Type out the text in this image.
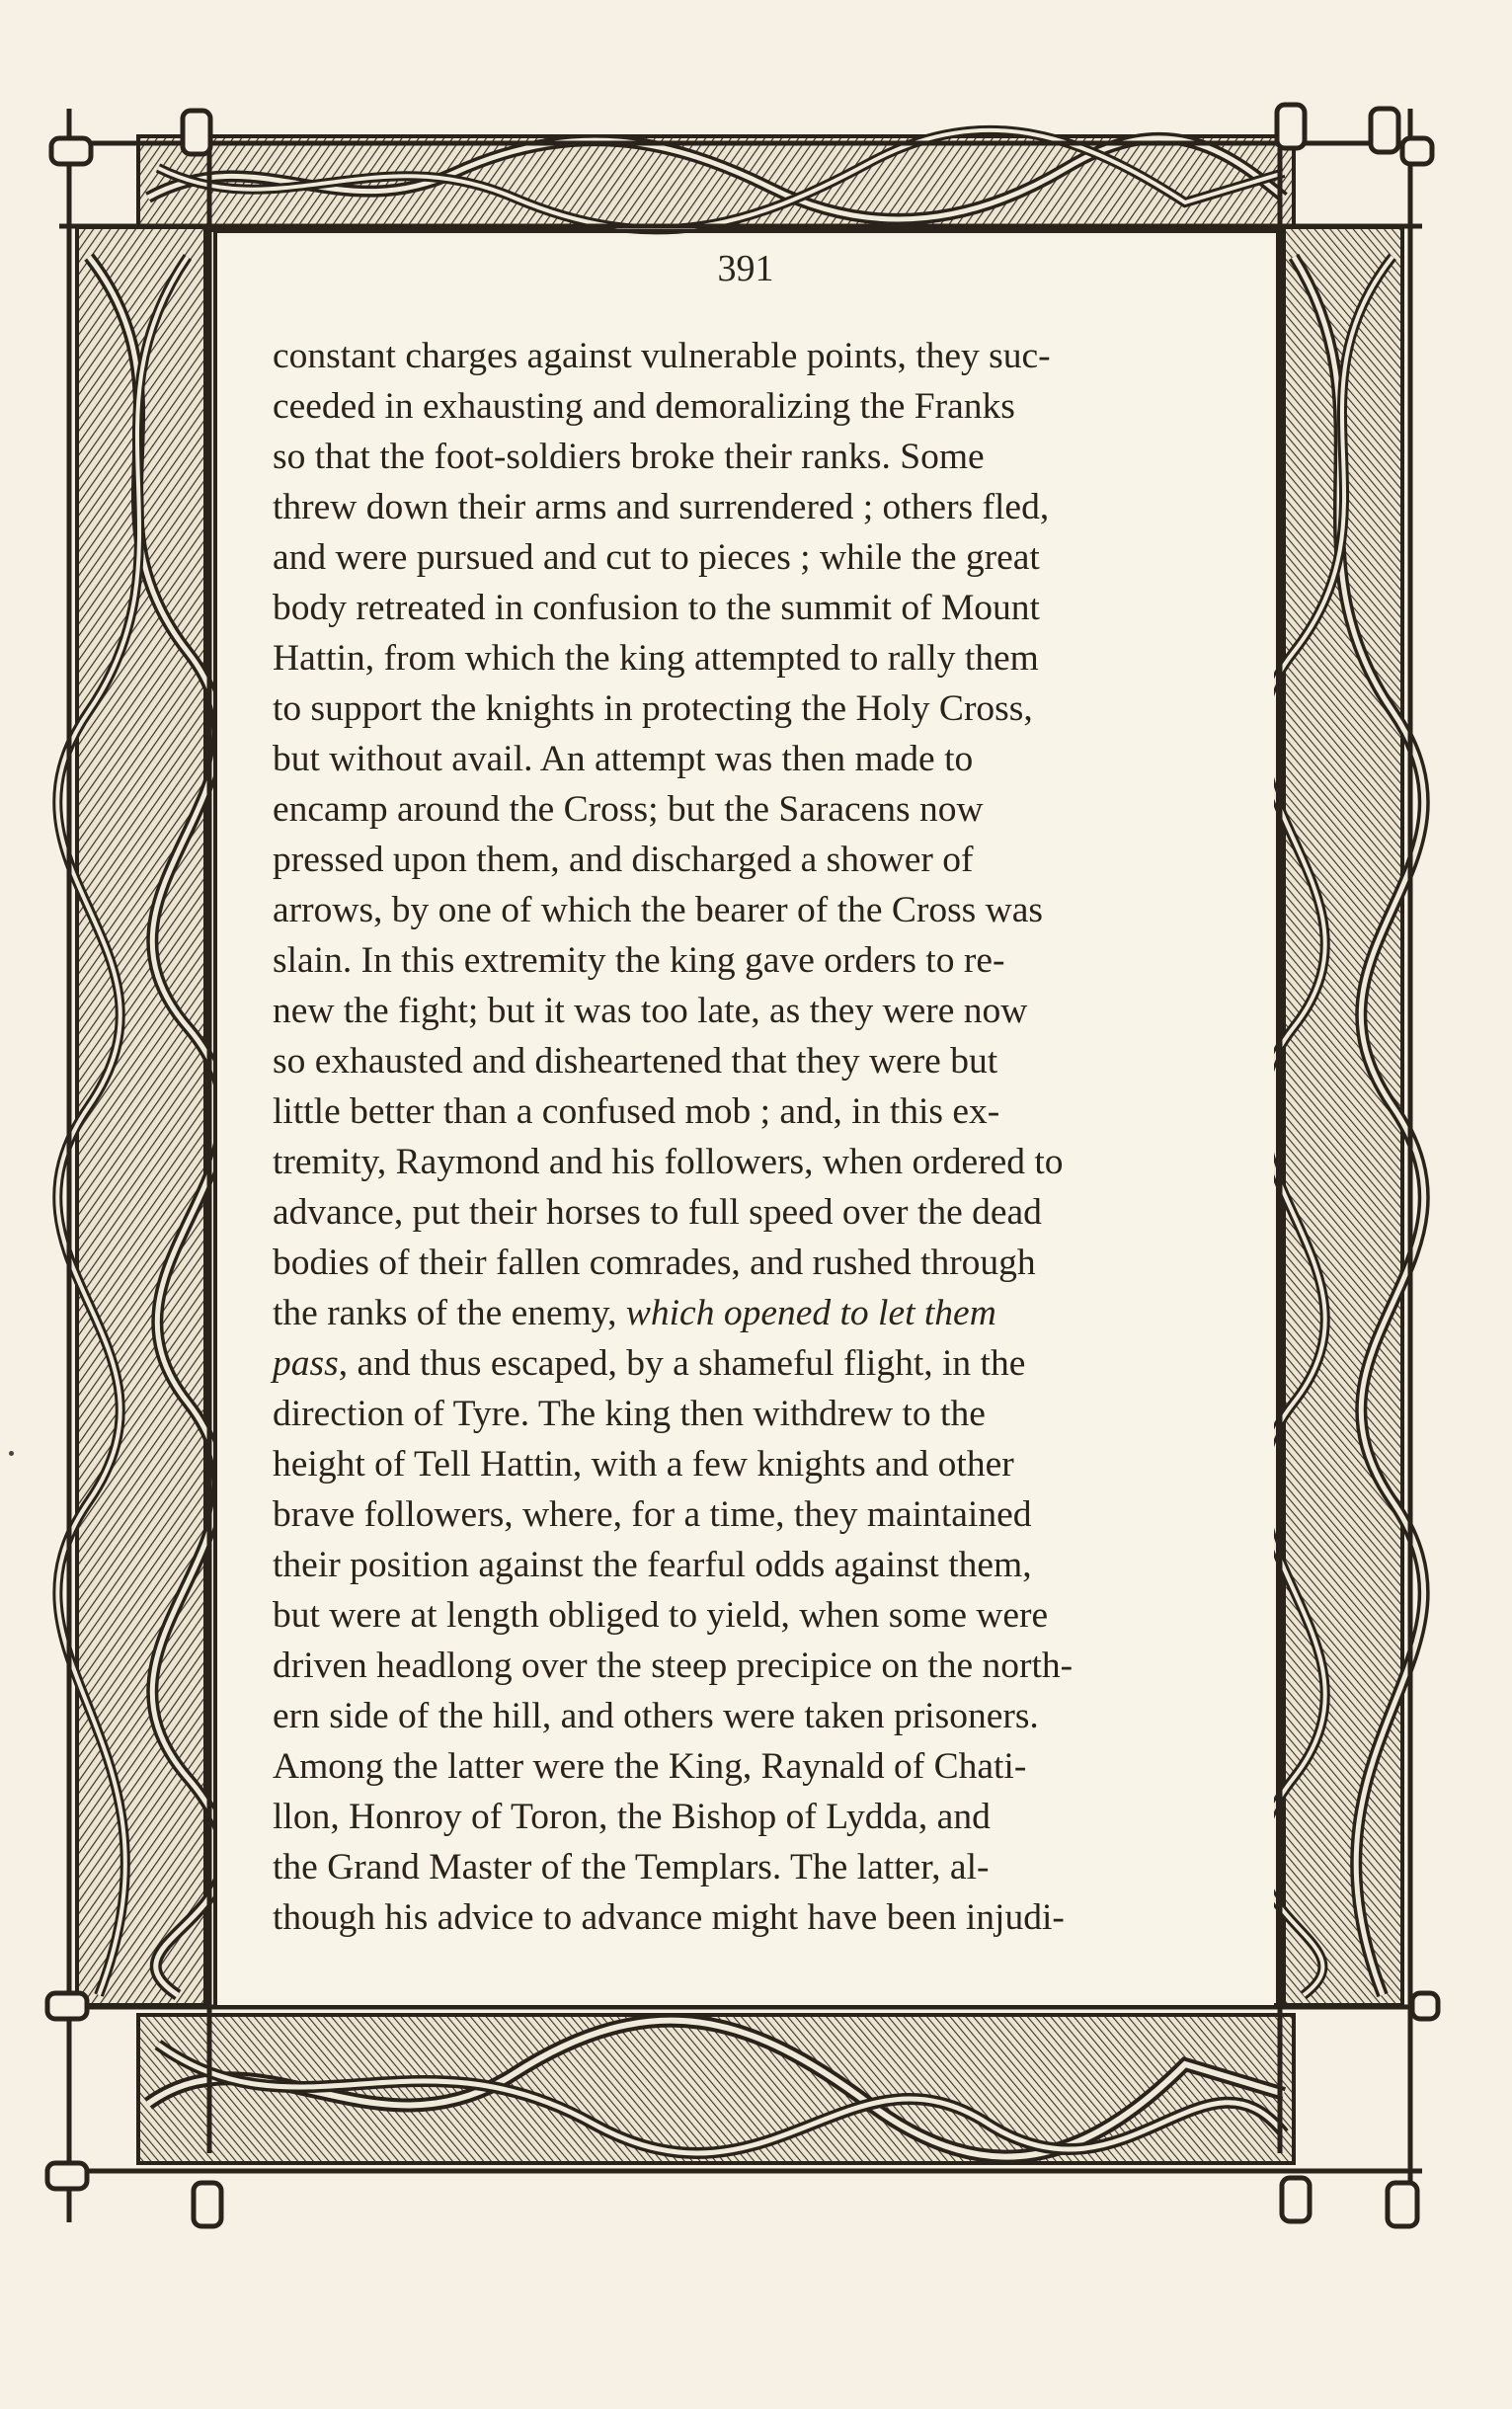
391
constant charges against vulnerable points, they suc-
ceeded in exhausting and demoralizing the Franks
so that the foot-soldiers broke their ranks. Some
threw down their arms and surrendered ; others fled,
and were pursued and cut to pieces ; while the great
body retreated in confusion to the summit of Mount
Hattin, from which the king attempted to rally them
to support the knights in protecting the Holy Cross,
but without avail. An attempt was then made to
encamp around the Cross; but the Saracens now
pressed upon them, and discharged a shower of
arrows, by one of which the bearer of the Cross was
slain. In this extremity the king gave orders to re-
new the fight; but it was too late, as they were now
so exhausted and disheartened that they were but
little better than a confused mob ; and, in this ex-
tremity, Raymond and his followers, when ordered to
advance, put their horses to full speed over the dead
bodies of their fallen comrades, and rushed through
the ranks of the enemy, which opened to let them
pass, and thus escaped, by a shameful flight, in the
direction of Tyre. The king then withdrew to the
height of Tell Hattin, with a few knights and other
brave followers, where, for a time, they maintained
their position against the fearful odds against them,
but were at length obliged to yield, when some were
driven headlong over the steep precipice on the north-
ern side of the hill, and others were taken prisoners.
Among the latter were the King, Raynald of Chati-
llon, Honroy of Toron, the Bishop of Lydda, and
the Grand Master of the Templars. The latter, al-
though his advice to advance might have been injudi-
